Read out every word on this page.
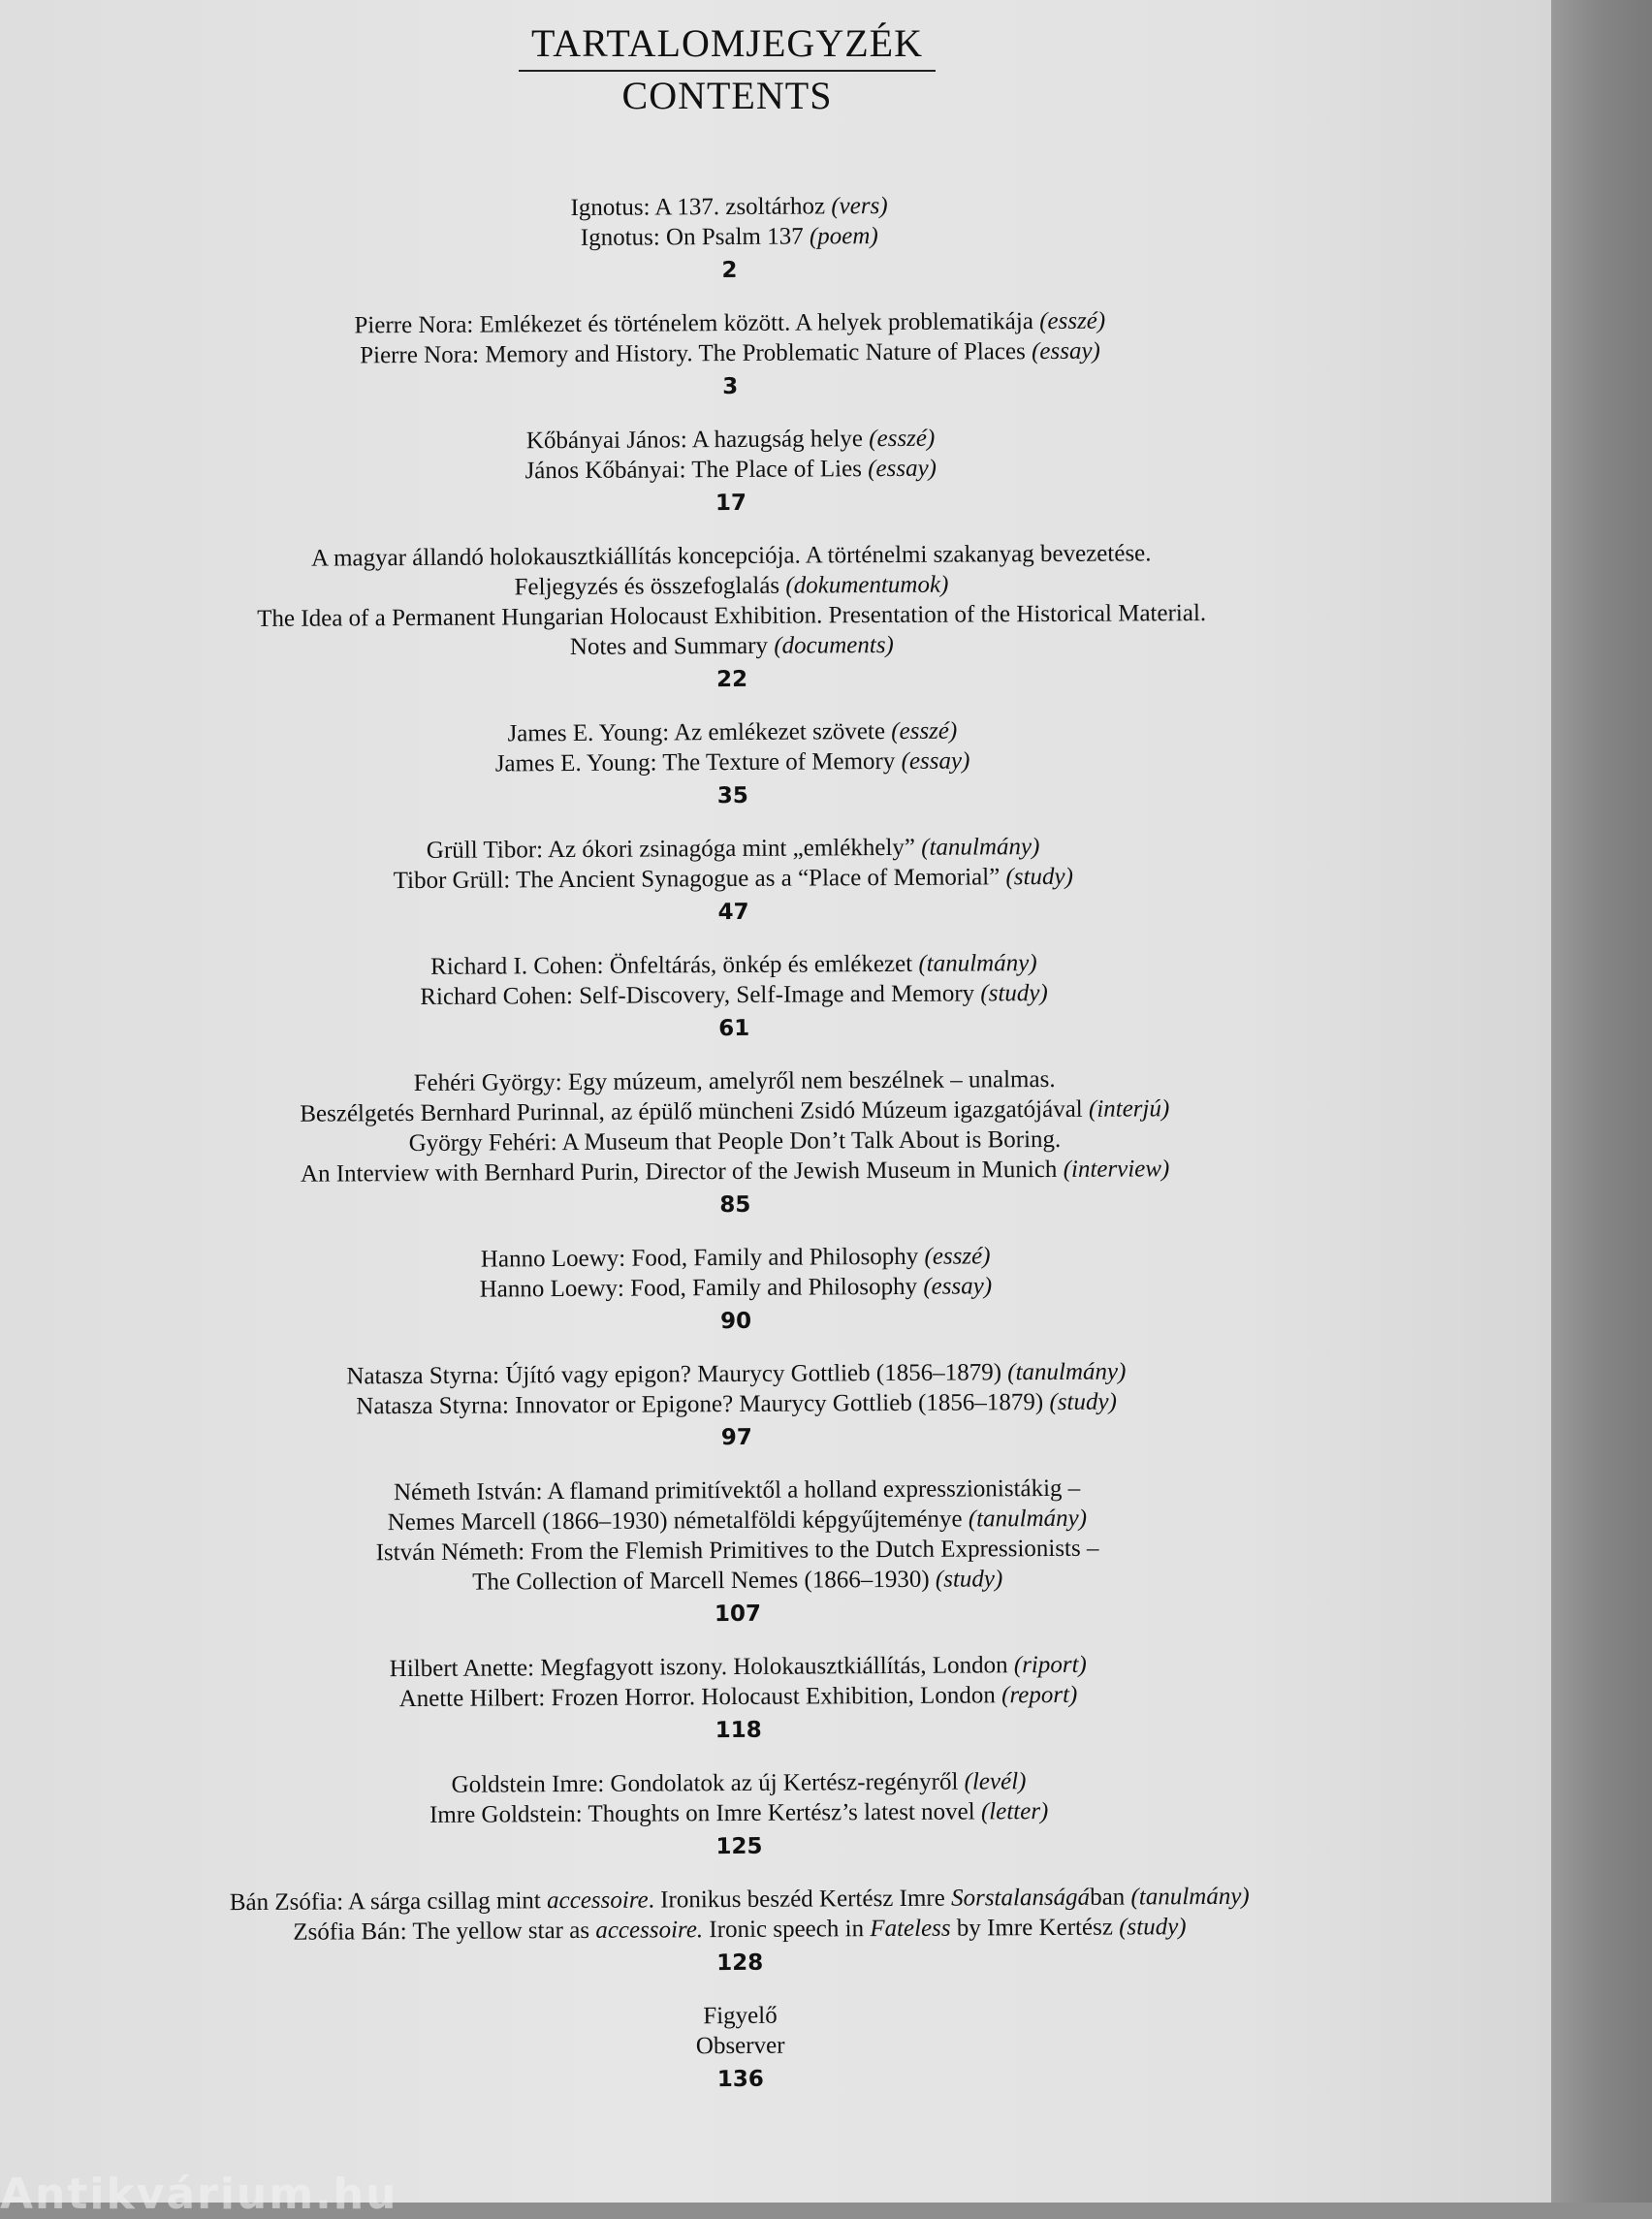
TARTALOMJEGYZÉK
CONTENTS
Ignotus: A 137. zsoltárhoz (vers)
Ignotus: On Psalm 137 (poem)
2
Pierre Nora: Emlékezet és történelem között. A helyek problematikája (esszé)
Pierre Nora: Memory and History. The Problematic Nature of Places (essay)
3
Kőbányai János: A hazugság helye (esszé)
János Kőbányai: The Place of Lies (essay)
17
A magyar állandó holokausztkiállítás koncepciója. A történelmi szakanyag bevezetése.
Feljegyzés és összefoglalás (dokumentumok)
The Idea of a Permanent Hungarian Holocaust Exhibition. Presentation of the Historical Material.
Notes and Summary (documents)
22
James E. Young: Az emlékezet szövete (esszé)
James E. Young: The Texture of Memory (essay)
35
Grüll Tibor: Az ókori zsinagóga mint „emlékhely” (tanulmány)
Tibor Grüll: The Ancient Synagogue as a “Place of Memorial” (study)
47
Richard I. Cohen: Önfeltárás, önkép és emlékezet (tanulmány)
Richard Cohen: Self-Discovery, Self-Image and Memory (study)
61
Fehéri György: Egy múzeum, amelyről nem beszélnek – unalmas.
Beszélgetés Bernhard Purinnal, az épülő müncheni Zsidó Múzeum igazgatójával (interjú)
György Fehéri: A Museum that People Don’t Talk About is Boring.
An Interview with Bernhard Purin, Director of the Jewish Museum in Munich (interview)
85
Hanno Loewy: Food, Family and Philosophy (esszé)
Hanno Loewy: Food, Family and Philosophy (essay)
90
Natasza Styrna: Újító vagy epigon? Maurycy Gottlieb (1856–1879) (tanulmány)
Natasza Styrna: Innovator or Epigone? Maurycy Gottlieb (1856–1879) (study)
97
Németh István: A flamand primitívektől a holland expresszionistákig –
Nemes Marcell (1866–1930) németalföldi képgyűjteménye (tanulmány)
István Németh: From the Flemish Primitives to the Dutch Expressionists –
The Collection of Marcell Nemes (1866–1930) (study)
107
Hilbert Anette: Megfagyott iszony. Holokausztkiállítás, London (riport)
Anette Hilbert: Frozen Horror. Holocaust Exhibition, London (report)
118
Goldstein Imre: Gondolatok az új Kertész-regényről (levél)
Imre Goldstein: Thoughts on Imre Kertész’s latest novel (letter)
125
Bán Zsófia: A sárga csillag mint accessoire. Ironikus beszéd Kertész Imre Sorstalanságában (tanulmány)
Zsófia Bán: The yellow star as accessoire. Ironic speech in Fateless by Imre Kertész (study)
128
Figyelő
Observer
136
Antikvárium.hu
